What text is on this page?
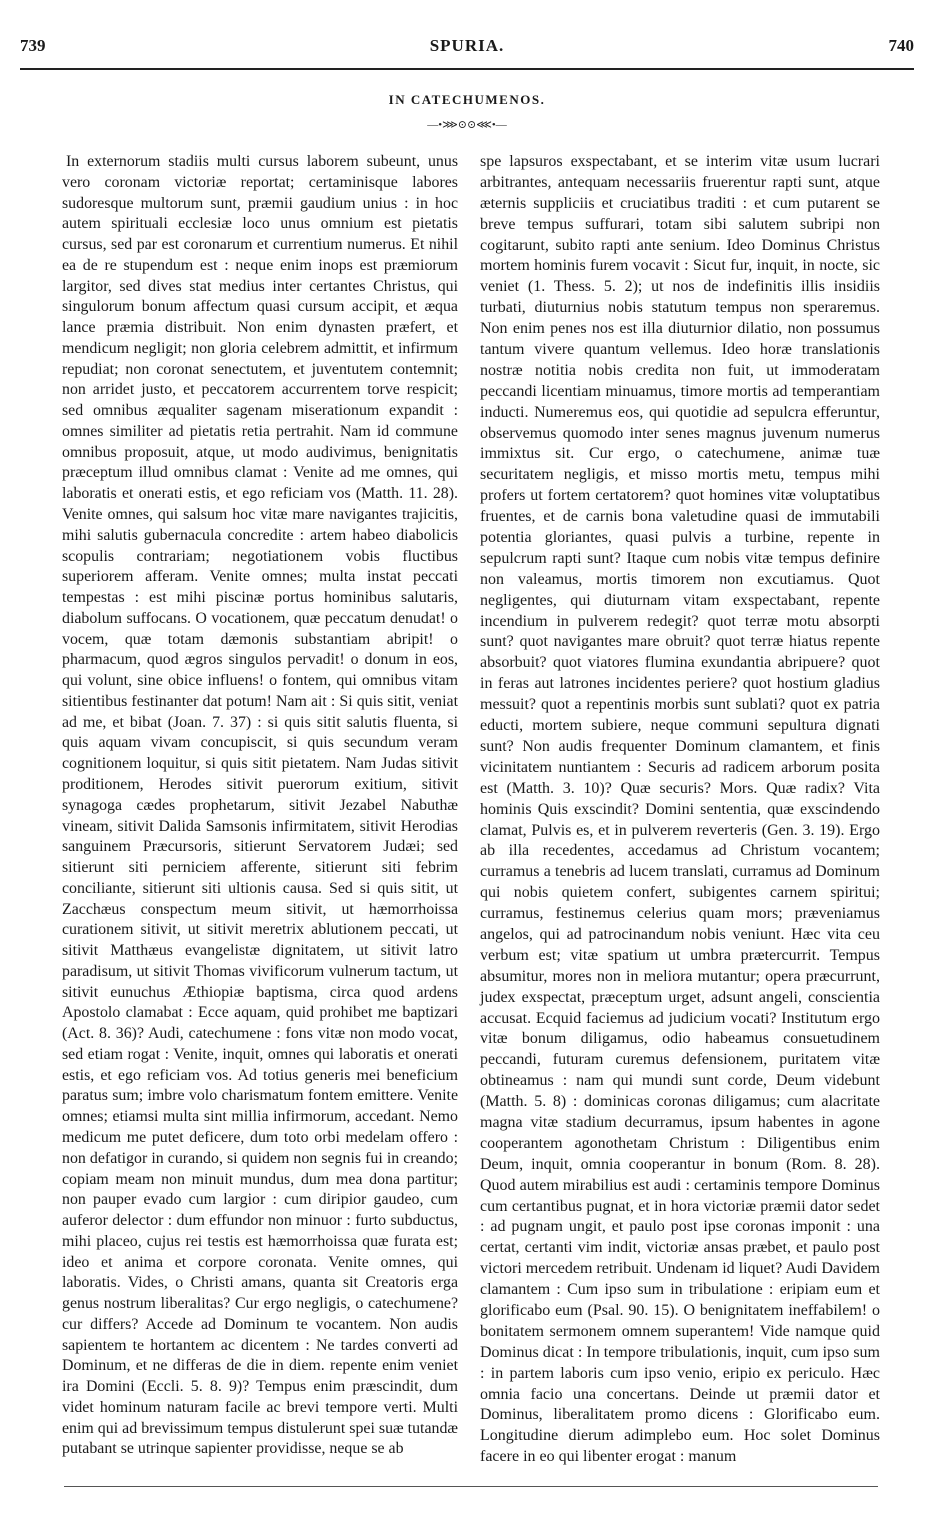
739	SPURIA.	740
IN CATECHUMENOS.
—•⋙⊙⊙⋘•—

In externorum stadiis multi cursus laborem subeunt, unus vero coronam victoriæ reportat; certaminisque labores sudoresque multorum sunt, præmii gaudium unius : in hoc autem spirituali ecclesiæ loco unus omnium est pietatis cursus, sed par est coronarum et currentium numerus. Et nihil ea de re stupendum est : neque enim inops est præmiorum largitor, sed dives stat medius inter certantes Christus, qui singulorum bonum affectum quasi cursum accipit, et æqua lance præmia distribuit. Non enim dynasten præfert, et mendicum negligit; non gloria celebrem admittit, et infirmum repudiat; non coronat senectutem, et juventutem contemnit; non arridet justo, et peccatorem accurrentem torve respicit; sed omnibus æqualiter sagenam miserationum expandit : omnes similiter ad pietatis retia pertrahit. Nam id commune omnibus proposuit, atque, ut modo audivimus, benignitatis præceptum illud omnibus clamat : Venite ad me omnes, qui laboratis et onerati estis, et ego reficiam vos (Matth. 11. 28). Venite omnes, qui salsum hoc vitæ mare navigantes trajicitis, mihi salutis gubernacula concredite : artem habeo diabolicis scopulis contrariam; negotiationem vobis fluctibus superiorem afferam. Venite omnes; multa instat peccati tempestas : est mihi piscinæ portus hominibus salutaris, diabolum suffocans. O vocationem, quæ peccatum denudat! o vocem, quæ totam dæmonis substantiam abripit! o pharmacum, quod ægros singulos pervadit! o donum in eos, qui volunt, sine obice influens! o fontem, qui omnibus vitam sitientibus festinanter dat potum! Nam ait : Si quis sitit, veniat ad me, et bibat (Joan. 7. 37) : si quis sitit salutis fluenta, si quis aquam vivam concupiscit, si quis secundum veram cognitionem loquitur, si quis sitit pietatem. Nam Judas sitivit proditionem, Herodes sitivit puerorum exitium, sitivit synagoga cædes prophetarum, sitivit Jezabel Nabuthæ vineam, sitivit Dalida Samsonis infirmitatem, sitivit Herodias sanguinem Præcursoris, sitierunt Servatorem Judæi; sed sitierunt siti perniciem afferente, sitierunt siti febrim conciliante, sitierunt siti ultionis causa. Sed si quis sitit, ut Zacchæus conspectum meum sitivit, ut hæmorrhoissa curationem sitivit, ut sitivit meretrix ablutionem peccati, ut sitivit Matthæus evangelistæ dignitatem, ut sitivit latro paradisum, ut sitivit Thomas vivificorum vulnerum tactum, ut sitivit eunuchus Æthiopiæ baptisma, circa quod ardens Apostolo clamabat : Ecce aquam, quid prohibet me baptizari (Act. 8. 36)? Audi, catechumene : fons vitæ non modo vocat, sed etiam rogat : Venite, inquit, omnes qui laboratis et onerati estis, et ego reficiam vos. Ad totius generis mei beneficium paratus sum; imbre volo charismatum fontem emittere. Venite omnes; etiamsi multa sint millia infirmorum, accedant. Nemo medicum me putet deficere, dum toto orbi medelam offero : non defatigor in curando, si quidem non segnis fui in creando; copiam meam non minuit mundus, dum mea dona partitur; non pauper evado cum largior : cum diripior gaudeo, cum auferor delector : dum effundor non minuor : furto subductus, mihi placeo, cujus rei testis est hæmorrhoissa quæ furata est; ideo et anima et corpore coronata. Venite omnes, qui laboratis. Vides, o Christi amans, quanta sit Creatoris erga genus nostrum liberalitas? Cur ergo negligis, o catechumene? cur differs? Accede ad Dominum te vocantem. Non audis sapientem te hortantem ac dicentem : Ne tardes converti ad Dominum, et ne differas de die in diem. repente enim veniet ira Domini (Eccli. 5. 8. 9)? Tempus enim præscindit, dum videt hominum naturam facile ac brevi tempore verti. Multi enim qui ad brevissimum tempus distulerunt spei suæ tutandæ putabant se utrinque sapienter providisse, neque se ab

spe lapsuros exspectabant, et se interim vitæ usum lucrari arbitrantes, antequam necessariis fruerentur rapti sunt, atque æternis suppliciis et cruciatibus traditi : et cum putarent se breve tempus suffurari, totam sibi salutem subripi non cogitarunt, subito rapti ante senium. Ideo Dominus Christus mortem hominis furem vocavit : Sicut fur, inquit, in nocte, sic veniet (1. Thess. 5. 2); ut nos de indefinitis illis insidiis turbati, diuturnius nobis statutum tempus non speraremus. Non enim penes nos est illa diuturnior dilatio, non possumus tantum vivere quantum vellemus. Ideo horæ translationis nostræ notitia nobis credita non fuit, ut immoderatam peccandi licentiam minuamus, timore mortis ad temperantiam inducti. Numeremus eos, qui quotidie ad sepulcra efferuntur, observemus quomodo inter senes magnus juvenum numerus immixtus sit. Cur ergo, o catechumene, animæ tuæ securitatem negligis, et misso mortis metu, tempus mihi profers ut fortem certatorem? quot homines vitæ voluptatibus fruentes, et de carnis bona valetudine quasi de immutabili potentia gloriantes, quasi pulvis a turbine, repente in sepulcrum rapti sunt? Itaque cum nobis vitæ tempus definire non valeamus, mortis timorem non excutiamus. Quot negligentes, qui diuturnam vitam exspectabant, repente incendium in pulverem redegit? quot terræ motu absorpti sunt? quot navigantes mare obruit? quot terræ hiatus repente absorbuit? quot viatores flumina exundantia abripuere? quot in feras aut latrones incidentes periere? quot hostium gladius messuit? quot a repentinis morbis sunt sublati? quot ex patria educti, mortem subiere, neque communi sepultura dignati sunt? Non audis frequenter Dominum clamantem, et finis vicinitatem nuntiantem : Securis ad radicem arborum posita est (Matth. 3. 10)? Quæ securis? Mors. Quæ radix? Vita hominis Quis exscindit? Domini sententia, quæ exscindendo clamat, Pulvis es, et in pulverem reverteris (Gen. 3. 19). Ergo ab illa recedentes, accedamus ad Christum vocantem; curramus a tenebris ad lucem translati, curramus ad Dominum qui nobis quietem confert, subigentes carnem spiritui; curramus, festinemus celerius quam mors; præveniamus angelos, qui ad patrocinandum nobis veniunt. Hæc vita ceu verbum est; vitæ spatium ut umbra prætercurrit. Tempus absumitur, mores non in meliora mutantur; opera præcurrunt, judex exspectat, præceptum urget, adsunt angeli, conscientia accusat. Ecquid faciemus ad judicium vocati? Institutum ergo vitæ bonum diligamus, odio habeamus consuetudinem peccandi, futuram curemus defensionem, puritatem vitæ obtineamus : nam qui mundi sunt corde, Deum videbunt (Matth. 5. 8) : dominicas coronas diligamus; cum alacritate magna vitæ stadium decurramus, ipsum habentes in agone cooperantem agonothetam Christum : Diligentibus enim Deum, inquit, omnia cooperantur in bonum (Rom. 8. 28). Quod autem mirabilius est audi : certaminis tempore Dominus cum certantibus pugnat, et in hora victoriæ præmii dator sedet : ad pugnam ungit, et paulo post ipse coronas imponit : una certat, certanti vim indit, victoriæ ansas præbet, et paulo post victori mercedem retribuit. Undenam id liquet? Audi Davidem clamantem : Cum ipso sum in tribulatione : eripiam eum et glorificabo eum (Psal. 90. 15). O benignitatem ineffabilem! o bonitatem sermonem omnem superantem! Vide namque quid Dominus dicat : In tempore tribulationis, inquit, cum ipso sum : in partem laboris cum ipso venio, eripio ex periculo. Hæc omnia facio una concertans. Deinde ut præmii dator et Dominus, liberalitatem promo dicens : Glorificabo eum. Longitudine dierum adimplebo eum. Hoc solet Dominus facere in eo qui libenter erogat : manum
